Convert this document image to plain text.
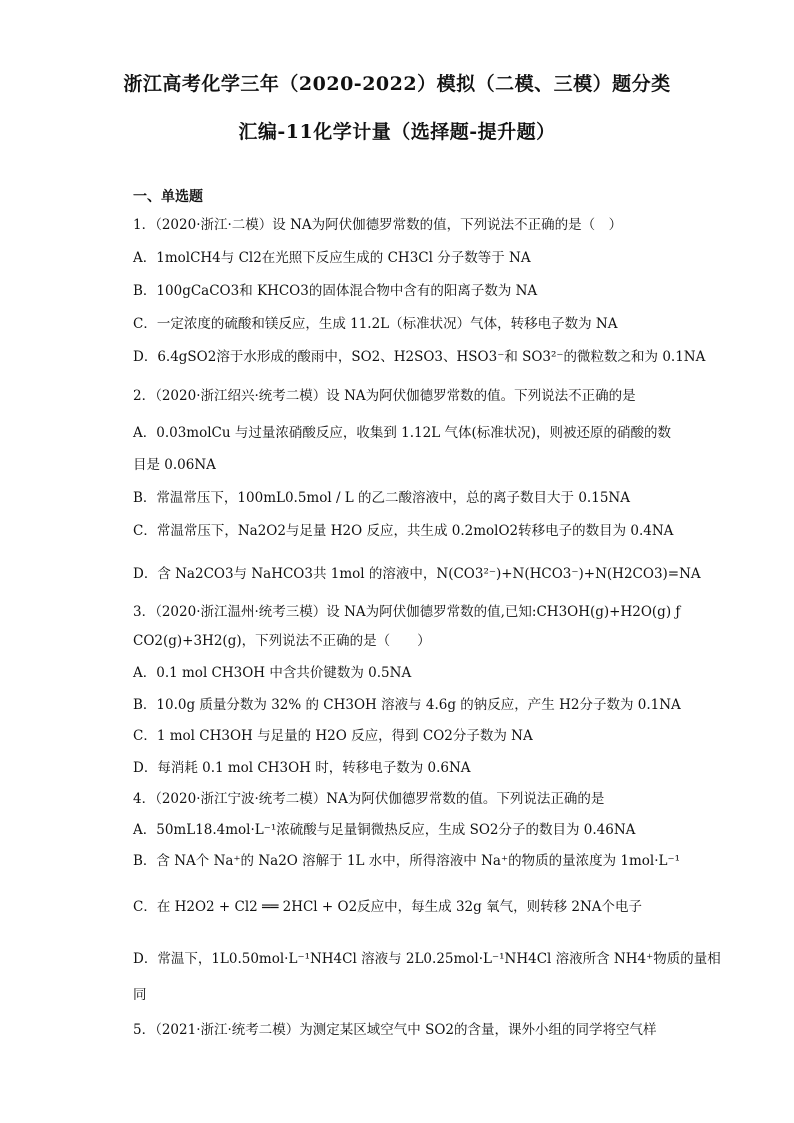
浙江高考化学三年（2020-2022）模拟（二模、三模）题分类
汇编-11化学计量（选择题-提升题）
一、单选题
1．（2020·浙江·二模）设 NA为阿伏伽德罗常数的值，下列说法不正确的是（　）
A．1molCH4与 Cl2在光照下反应生成的 CH3Cl 分子数等于 NA
B．100gCaCO3和 KHCO3的固体混合物中含有的阳离子数为 NA
C．一定浓度的硫酸和镁反应，生成 11.2L（标准状况）气体，转移电子数为 NA
D．6.4gSO2溶于水形成的酸雨中，SO2、H2SO3、HSO3⁻和 SO3²⁻的微粒数之和为 0.1NA
2．（2020·浙江绍兴·统考二模）设 NA为阿伏伽德罗常数的值。下列说法不正确的是
A．0.03molCu 与过量浓硝酸反应，收集到 1.12L 气体(标准状况)，则被还原的硝酸的数
目是 0.06NA
B．常温常压下，100mL0.5mol / L 的乙二酸溶液中，总的离子数目大于 0.15NA
C．常温常压下，Na2O2与足量 H2O 反应，共生成 0.2molO2转移电子的数目为 0.4NA
D．含 Na2CO3与 NaHCO3共 1mol 的溶液中，N(CO3²⁻)+N(HCO3⁻)+N(H2CO3)=NA
3．（2020·浙江温州·统考三模）设 NA为阿伏伽德罗常数的值,已知:CH3OH(g)+H2O(g) ƒ
CO2(g)+3H2(g)，下列说法不正确的是（　　）
A．0.1 mol CH3OH 中含共价键数为 0.5NA
B．10.0g 质量分数为 32% 的 CH3OH 溶液与 4.6g 的钠反应，产生 H2分子数为 0.1NA
C．1 mol CH3OH 与足量的 H2O 反应，得到 CO2分子数为 NA
D．每消耗 0.1 mol CH3OH 时，转移电子数为 0.6NA
4．（2020·浙江宁波·统考二模）NA为阿伏伽德罗常数的值。下列说法正确的是
A．50mL18.4mol·L⁻¹浓硫酸与足量铜微热反应，生成 SO2分子的数目为 0.46NA
B．含 NA个 Na⁺的 Na2O 溶解于 1L 水中，所得溶液中 Na⁺的物质的量浓度为 1mol·L⁻¹
C．在 H2O2 + Cl2 ══ 2HCl + O2反应中，每生成 32g 氧气，则转移 2NA个电子
D．常温下，1L0.50mol·L⁻¹NH4Cl 溶液与 2L0.25mol·L⁻¹NH4Cl 溶液所含 NH4⁺物质的量相
同
5．（2021·浙江·统考二模）为测定某区域空气中 SO2的含量，课外小组的同学将空气样
